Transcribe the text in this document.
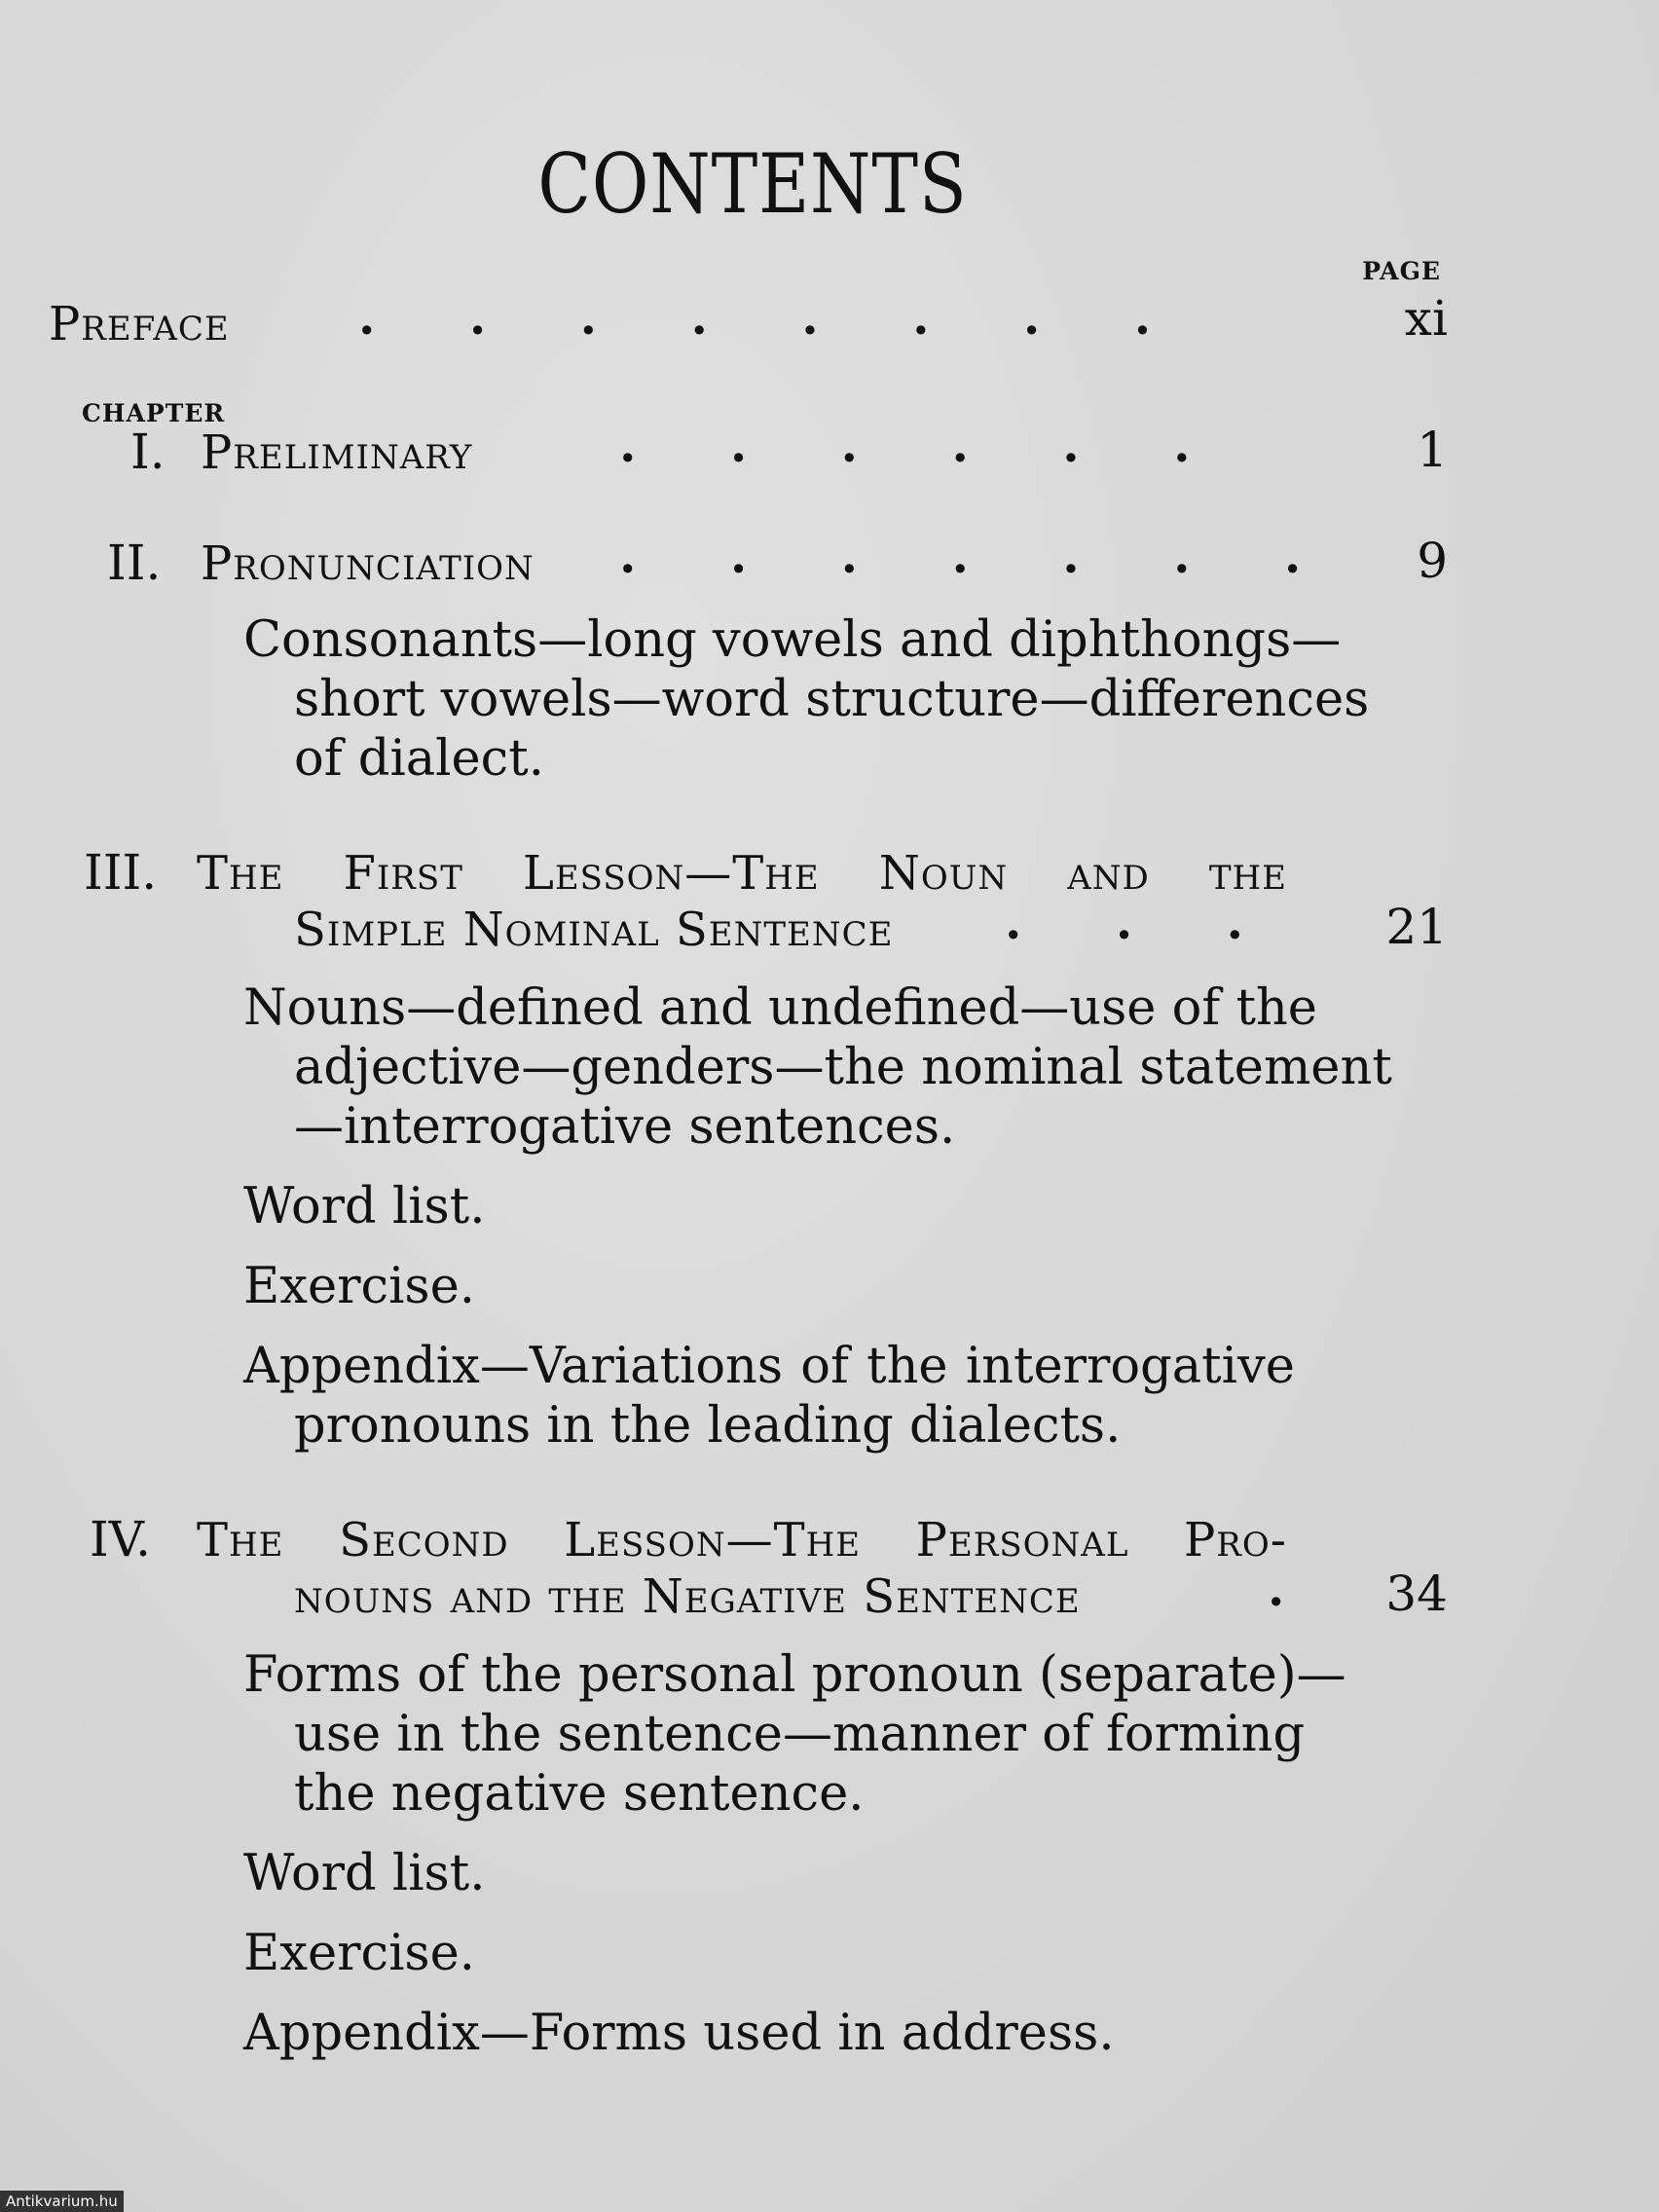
CONTENTS
PAGE
Preface	. . . . . . . .	xi
CHAPTER
I. Preliminary	. . . . . .	1
II. Pronunciation . . . . . . . 9

Consonants—long vowels and diphthongs—

short vowels—word structure—differences

of dialect.

III. The First Lesson—The Noun and the
Simple Nominal Sentence . . .	21

Nouns—defined and undefined—use of the

adjective—genders—the nominal statement

—interrogative sentences.

Word list.

Exercise.

Appendix—Variations of the interrogative

pronouns in the leading dialects.

IV. The Second Lesson—The Personal Pro-
nouns and the Negative Sentence	. 34

Forms of the personal pronoun (separate)—

use in the sentence—manner of forming

the negative sentence.

Word list.

Exercise.

Appendix—Forms used in address.

Antikvarium.hu
